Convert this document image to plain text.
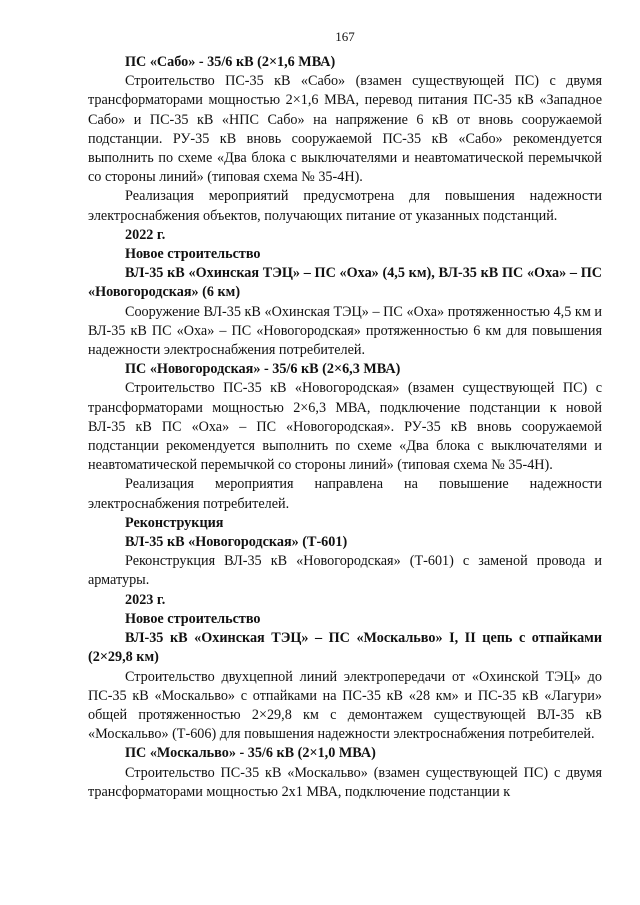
167

ПС «Сабо» - 35/6 кВ (2×1,6 МВА)

Строительство ПС-35 кВ «Сабо» (взамен существующей ПС) с двумя трансформаторами мощностью 2×1,6 МВА, перевод питания ПС-35 кВ «Западное Сабо» и ПС-35 кВ «НПС Сабо» на напряжение 6 кВ от вновь сооружаемой подстанции. РУ-35 кВ вновь сооружаемой ПС-35 кВ «Сабо» рекомендуется выполнить по схеме «Два блока с выключателями и неавтоматической перемычкой со стороны линий» (типовая схема № 35-4Н).

Реализация мероприятий предусмотрена для повышения надежности электроснабжения объектов, получающих питание от указанных подстанций.

2022 г.

Новое строительство

ВЛ-35 кВ «Охинская ТЭЦ» – ПС «Оха» (4,5 км), ВЛ-35 кВ ПС «Оха» – ПС «Новогородская» (6 км)

Сооружение ВЛ-35 кВ «Охинская ТЭЦ» – ПС «Оха» протяженностью 4,5 км и ВЛ-35 кВ ПС «Оха» – ПС «Новогородская» протяженностью 6 км для повышения надежности электроснабжения потребителей.

ПС «Новогородская» - 35/6 кВ (2×6,3 МВА)

Строительство ПС-35 кВ «Новогородская» (взамен существующей ПС) с трансформаторами мощностью 2×6,3 МВА, подключение подстанции к новой ВЛ-35 кВ ПС «Оха» – ПС «Новогородская». РУ-35 кВ вновь сооружаемой подстанции рекомендуется выполнить по схеме «Два блока с выключателями и неавтоматической перемычкой со стороны линий» (типовая схема № 35-4Н).

Реализация мероприятия направлена на повышение надежности электроснабжения потребителей.

Реконструкция

ВЛ-35 кВ «Новогородская» (Т-601)

Реконструкция ВЛ-35 кВ «Новогородская» (Т-601) с заменой провода и арматуры.

2023 г.

Новое строительство

ВЛ-35 кВ «Охинская ТЭЦ» – ПС «Москальво» I, II цепь с отпайками (2×29,8 км)

Строительство двухцепной линий электропередачи от «Охинской ТЭЦ» до ПС-35 кВ «Москальво» с отпайками на ПС-35 кВ «28 км» и ПС-35 кВ «Лагури» общей протяженностью 2×29,8 км с демонтажем существующей ВЛ-35 кВ «Москальво» (Т-606) для повышения надежности электроснабжения потребителей.

ПС «Москальво» - 35/6 кВ (2×1,0 МВА)

Строительство ПС-35 кВ «Москальво» (взамен существующей ПС) с двумя трансформаторами мощностью 2х1 МВА, подключение подстанции к
